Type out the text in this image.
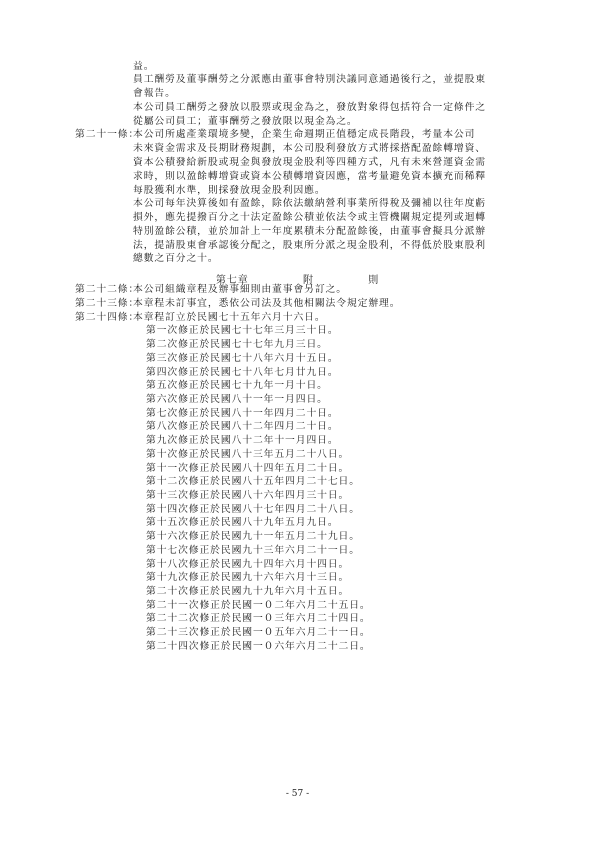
益。
員工酬勞及董事酬勞之分派應由董事會特別決議同意通過後行之，並提股東
會報告。
本公司員工酬勞之發放以股票或現金為之，發放對象得包括符合一定條件之
從屬公司員工；董事酬勞之發放限以現金為之。
第二十一條：
本公司所處產業環境多變，企業生命週期正值穩定成長階段，考量本公司
未來資金需求及長期財務規劃，本公司股利發放方式將採搭配盈餘轉增資、
資本公積發給新股或現金與發放現金股利等四種方式，凡有未來營運資金需
求時，則以盈餘轉增資或資本公積轉增資因應，當考量避免資本擴充而稀釋
每股獲利水準，則採發放現金股利因應。
本公司每年決算後如有盈餘，除依法繳納營利事業所得稅及彌補以往年度虧
損外，應先提撥百分之十法定盈餘公積並依法令或主管機關規定提列或迴轉
特別盈餘公積，並於加計上一年度累積未分配盈餘後，由董事會擬具分派辦
法，提請股東會承認後分配之，股東所分派之現金股利，不得低於股東股利
總數之百分之十。
第七章	附	則
第二十二條：
本公司組織章程及辦事細則由董事會另訂之。
第二十三條：
本章程未訂事宜，悉依公司法及其他相關法令規定辦理。
第二十四條：
本章程訂立於民國七十五年六月十六日。
第一次修正於民國七十七年三月三十日。
第二次修正於民國七十七年九月三日。
第三次修正於民國七十八年六月十五日。
第四次修正於民國七十八年七月廿九日。
第五次修正於民國七十九年一月十日。
第六次修正於民國八十一年一月四日。
第七次修正於民國八十一年四月二十日。
第八次修正於民國八十二年四月二十日。
第九次修正於民國八十二年十一月四日。
第十次修正於民國八十三年五月二十八日。
第十一次修正於民國八十四年五月二十日。
第十二次修正於民國八十五年四月二十七日。
第十三次修正於民國八十六年四月三十日。
第十四次修正於民國八十七年四月二十八日。
第十五次修正於民國八十九年五月九日。
第十六次修正於民國九十一年五月二十九日。
第十七次修正於民國九十三年六月二十一日。
第十八次修正於民國九十四年六月十四日。
第十九次修正於民國九十六年六月十三日。
第二十次修正於民國九十九年六月十五日。
第二十一次修正於民國一０二年六月二十五日。
第二十二次修正於民國一０三年六月二十四日。
第二十三次修正於民國一０五年六月二十一日。
第二十四次修正於民國一０六年六月二十二日。
- 57 -
